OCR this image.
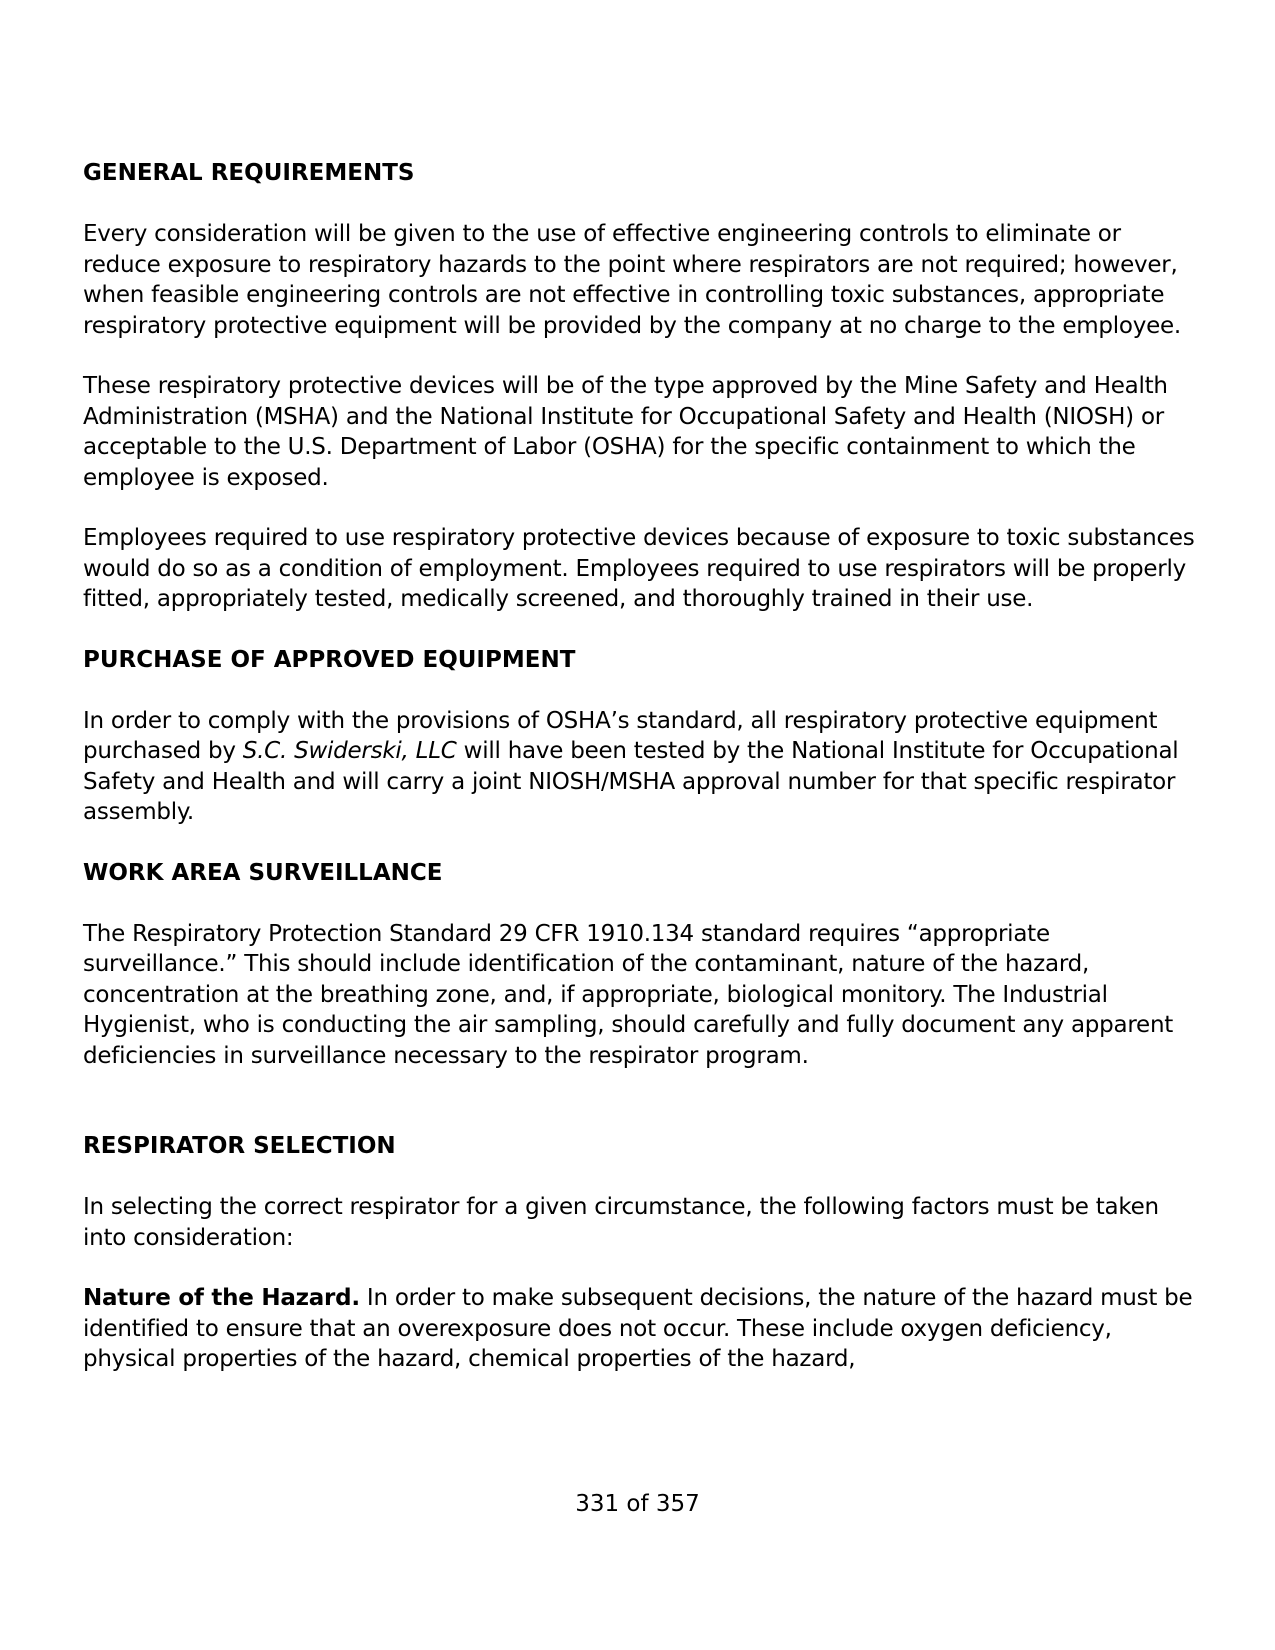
GENERAL REQUIREMENTS

Every consideration will be given to the use of effective engineering controls to eliminate or reduce exposure to respiratory hazards to the point where respirators are not required; however, when feasible engineering controls are not effective in controlling toxic substances, appropriate respiratory protective equipment will be provided by the company at no charge to the employee.

These respiratory protective devices will be of the type approved by the Mine Safety and Health Administration (MSHA) and the National Institute for Occupational Safety and Health (NIOSH) or acceptable to the U.S. Department of Labor (OSHA) for the specific containment to which the employee is exposed.

Employees required to use respiratory protective devices because of exposure to toxic substances would do so as a condition of employment. Employees required to use respirators will be properly fitted, appropriately tested, medically screened, and thoroughly trained in their use.

PURCHASE OF APPROVED EQUIPMENT

In order to comply with the provisions of OSHA’s standard, all respiratory protective equipment purchased by S.C. Swiderski, LLC will have been tested by the National Institute for Occupational Safety and Health and will carry a joint NIOSH/MSHA approval number for that specific respirator assembly.

WORK AREA SURVEILLANCE

The Respiratory Protection Standard 29 CFR 1910.134 standard requires “appropriate surveillance.” This should include identification of the contaminant, nature of the hazard, concentration at the breathing zone, and, if appropriate, biological monitory. The Industrial Hygienist, who is conducting the air sampling, should carefully and fully document any apparent deficiencies in surveillance necessary to the respirator program.

RESPIRATOR SELECTION

In selecting the correct respirator for a given circumstance, the following factors must be taken into consideration:

Nature of the Hazard. In order to make subsequent decisions, the nature of the hazard must be identified to ensure that an overexposure does not occur. These include oxygen deficiency, physical properties of the hazard, chemical properties of the hazard,

331 of 357
